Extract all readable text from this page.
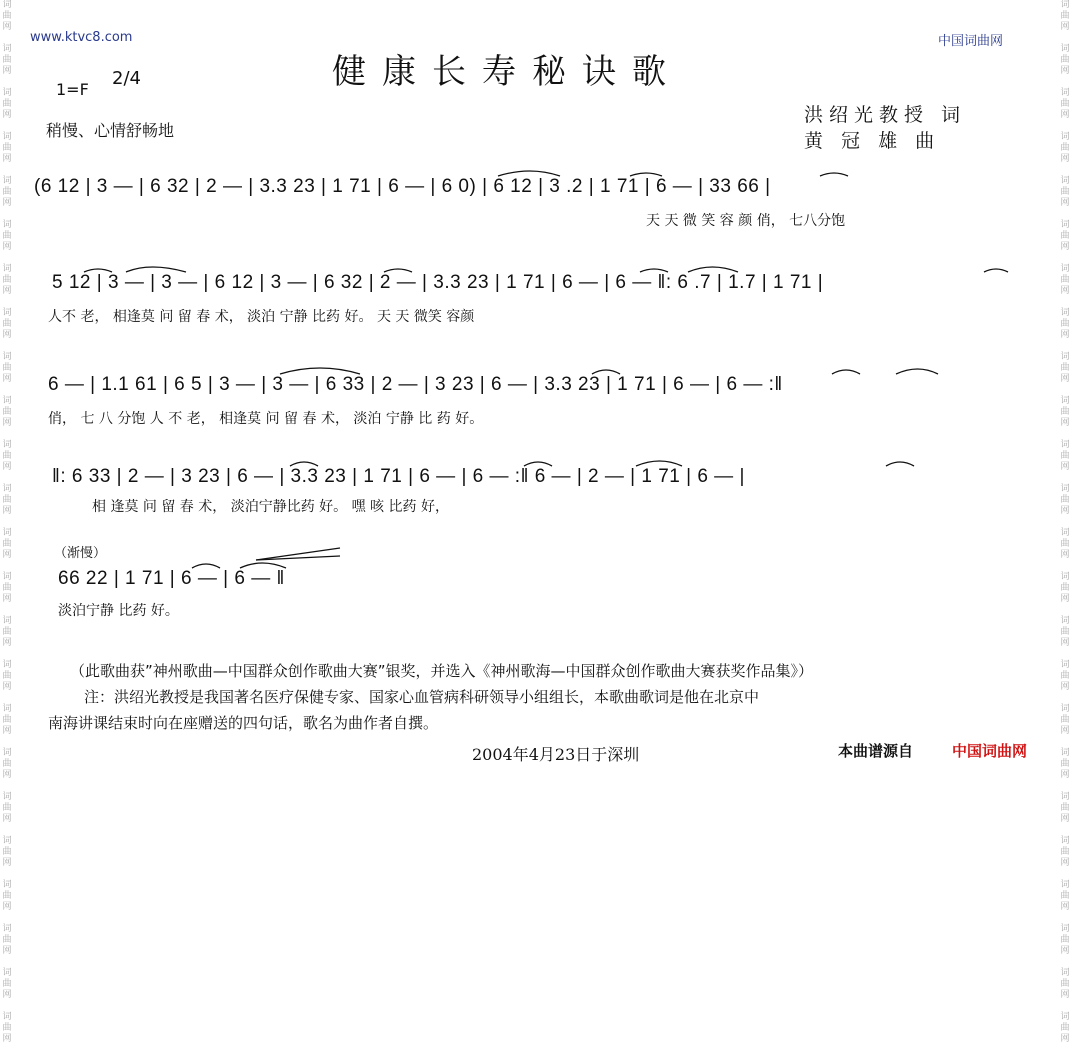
词
曲
网

词
曲
网

词
曲
网

词
曲
网

词
曲
网

词
曲
网

词
曲
网

词
曲
网

词
曲
网

词
曲
网

词
曲
网

词
曲
网

词
曲
网

词
曲
网

词
曲
网

词
曲
网

词
曲
网

词
曲
网

词
曲
网

词
曲
网

词
曲
网

词
曲
网

词
曲
网

词
曲
网

词
曲
网

词
曲
网

词
曲
网

词
曲
网

词
曲
网

词
曲
网

词
曲
网

词
曲
网

词
曲
网

词
曲
网

词
曲
网

词
曲
网

词
曲
网

词
曲
网

词
曲
网

词
曲
网

词
曲
网

词
曲
网

词
曲
网

词
曲
网

词
曲
网

词
曲
网

词
曲
网

词
曲
网

www.ktvc8.com	中国词曲网
健康长寿秘诀歌
1=F
2/4
稍慢、心情舒畅地
洪绍光教授 词
黄 冠 雄 曲
(6 12 | 3 — | 6 32 | 2 — | 3.3 23 | 1 71 | 6 — | 6 0) | 6 12 | 3 .2 | 1 71 | 6 — | 33 66 |
天 天 微 笑 容 颜 俏， 七八分饱
5 12 | 3 — | 3 — | 6 12 | 3 — | 6 32 | 2 — | 3.3 23 | 1 71 | 6 — | 6 — ‖: 6 .7 | 1.7 | 1 71 |
人不 老， 相逢莫 问 留 春 术， 淡泊 宁静 比药 好。 天 天 微笑 容颜
6 — | 1.1 61 | 6 5 | 3 — | 3 — | 6 33 | 2 — | 3 23 | 6 — | 3.3 23 | 1 71 | 6 — | 6 — :‖
俏， 七 八 分饱 人 不 老， 相逢莫 问 留 春 术， 淡泊 宁静 比 药 好。
‖: 6 33 | 2 — | 3 23 | 6 — | 3.3 23 | 1 71 | 6 — | 6 — :‖ 6 — | 2 — | 1 71 | 6 — |
相 逢莫 问 留 春 术， 淡泊宁静比药 好。 嘿 咳 比药 好，
（渐慢）
66 22 | 1 71 | 6 — | 6 — ‖
淡泊宁静 比药 好。
（此歌曲获”神州歌曲—中国群众创作歌曲大赛”银奖，并选入《神州歌海—中国群众创作歌曲大赛获奖作品集》）
注：洪绍光教授是我国著名医疗保健专家、国家心血管病科研领导小组组长，本歌曲歌词是他在北京中
南海讲课结束时向在座赠送的四句话，歌名为曲作者自撰。
2004年4月23日于深圳	本曲谱源自	中国词曲网
